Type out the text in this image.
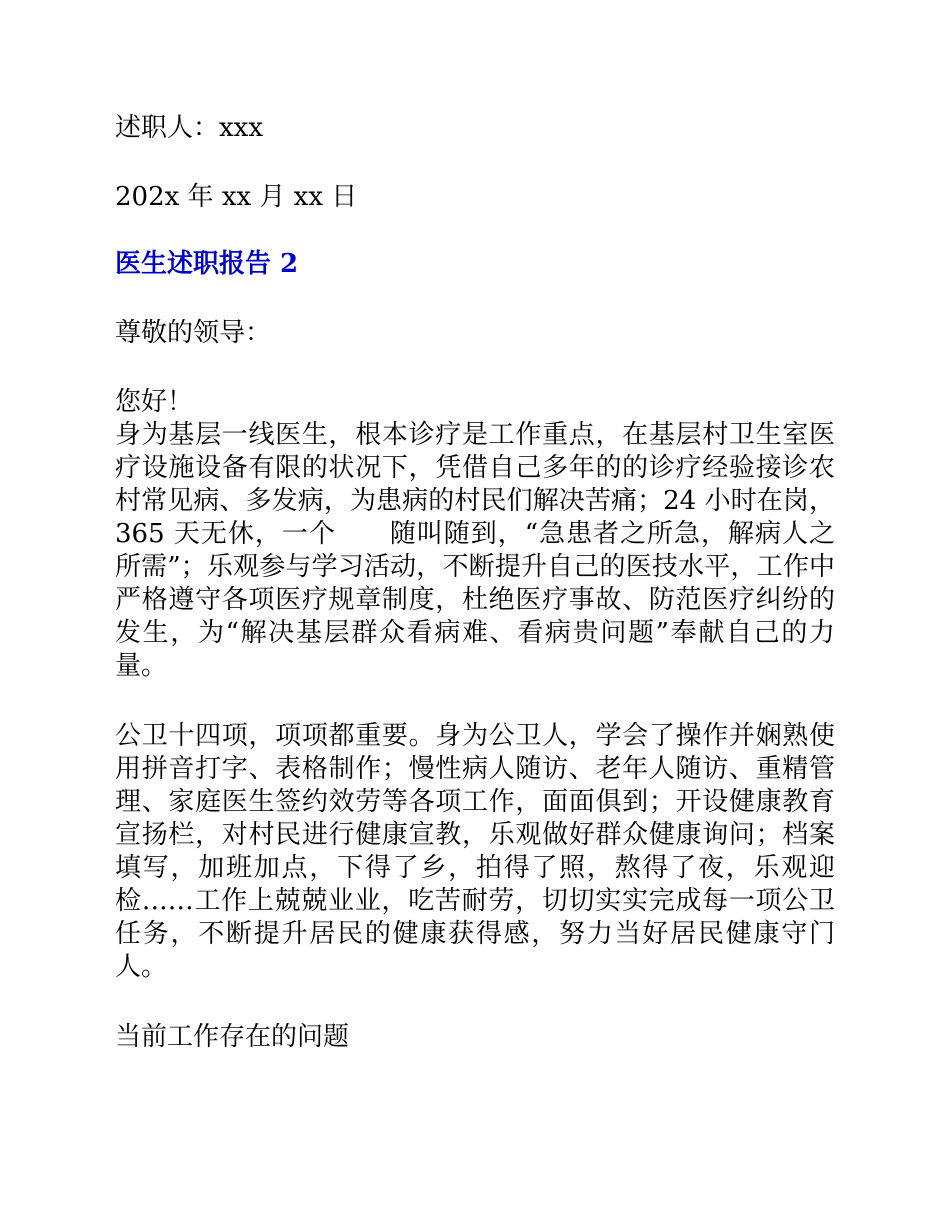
述职人：xxx

202x 年 xx 月 xx 日

医生述职报告 2

尊敬的领导：

您好！

身为基层一线医生，根本诊疗是工作重点，在基层村卫生室医疗设施设备有限的状况下，凭借自己多年的的诊疗经验接诊农村常见病、多发病，为患病的村民们解决苦痛；24 小时在岗，365 天无休，一个　　随叫随到，“急患者之所急，解病人之所需”；乐观参与学习活动，不断提升自己的医技水平，工作中严格遵守各项医疗规章制度，杜绝医疗事故、防范医疗纠纷的发生，为“解决基层群众看病难、看病贵问题”奉献自己的力量。

公卫十四项，项项都重要。身为公卫人，学会了操作并娴熟使用拼音打字、表格制作；慢性病人随访、老年人随访、重精管理、家庭医生签约效劳等各项工作，面面俱到；开设健康教育宣扬栏，对村民进行健康宣教，乐观做好群众健康询问；档案填写，加班加点，下得了乡，拍得了照，熬得了夜，乐观迎检……工作上兢兢业业，吃苦耐劳，切切实实完成每一项公卫任务，不断提升居民的健康获得感，努力当好居民健康守门人。

当前工作存在的问题
